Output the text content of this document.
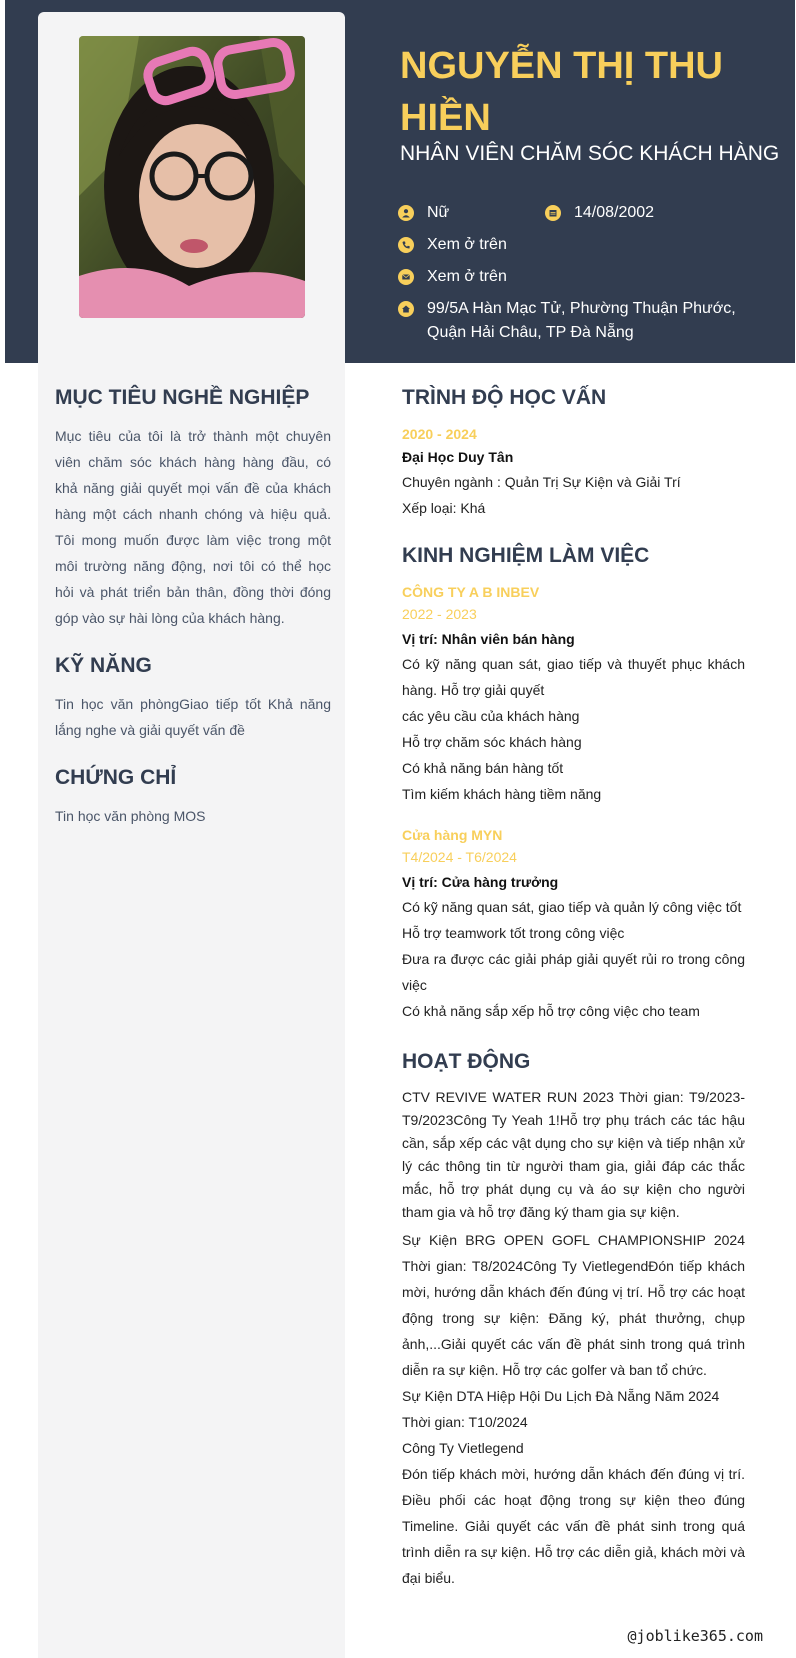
NGUYỄN THỊ THU HIỀN
NHÂN VIÊN CHĂM SÓC KHÁCH HÀNG
Nữ	14/08/2002
Xem ở trên
Xem ở trên
99/5A Hàn Mạc Tử, Phường Thuận Phước, Quận Hải Châu, TP Đà Nẵng
MỤC TIÊU NGHỀ NGHIỆP
Mục tiêu của tôi là trở thành một chuyên viên chăm sóc khách hàng hàng đầu, có khả năng giải quyết mọi vấn đề của khách hàng một cách nhanh chóng và hiệu quả. Tôi mong muốn được làm việc trong một môi trường năng động, nơi tôi có thể học hỏi và phát triển bản thân, đồng thời đóng góp vào sự hài lòng của khách hàng.
KỸ NĂNG
Tin học văn phòngGiao tiếp tốt Khả năng lắng nghe và giải quyết vấn đề
CHỨNG CHỈ
Tin học văn phòng MOS
TRÌNH ĐỘ HỌC VẤN
2020 - 2024
Đại Học Duy Tân
Chuyên ngành : Quản Trị Sự Kiện và Giải Trí
Xếp loại: Khá
KINH NGHIỆM LÀM VIỆC
CÔNG TY A B INBEV
2022 - 2023
Vị trí: Nhân viên bán hàng
Có kỹ năng quan sát, giao tiếp và thuyết phục khách hàng. Hỗ trợ giải quyết
các yêu cầu của khách hàng
Hỗ trợ chăm sóc khách hàng
Có khả năng bán hàng tốt
Tìm kiếm khách hàng tiềm năng
Cửa hàng MYN
T4/2024 - T6/2024
Vị trí: Cửa hàng trưởng
Có kỹ năng quan sát, giao tiếp và quản lý công việc tốt
Hỗ trợ teamwork tốt trong công việc
Đưa ra được các giải pháp giải quyết rủi ro trong công việc
Có khả năng sắp xếp hỗ trợ công việc cho team
HOẠT ĐỘNG
CTV REVIVE WATER RUN 2023 Thời gian: T9/2023-T9/2023Công Ty Yeah 1!Hỗ trợ phụ trách các tác hậu cần, sắp xếp các vật dụng cho sự kiện và tiếp nhận xử lý các thông tin từ người tham gia, giải đáp các thắc mắc, hỗ trợ phát dụng cụ và áo sự kiện cho người tham gia và hỗ trợ đăng ký tham gia sự kiện.
Sự Kiện BRG OPEN GOFL CHAMPIONSHIP 2024 Thời gian: T8/2024Công Ty VietlegendĐón tiếp khách mời, hướng dẫn khách đến đúng vị trí. Hỗ trợ các hoạt động trong sự kiện: Đăng ký, phát thưởng, chụp ảnh,...Giải quyết các vấn đề phát sinh trong quá trình diễn ra sự kiện. Hỗ trợ các golfer và ban tổ chức.
Sự Kiện DTA Hiệp Hội Du Lịch Đà Nẵng Năm 2024
Thời gian: T10/2024
Công Ty Vietlegend
Đón tiếp khách mời, hướng dẫn khách đến đúng vị trí. Điều phối các hoạt động trong sự kiện theo đúng Timeline. Giải quyết các vấn đề phát sinh trong quá trình diễn ra sự kiện. Hỗ trợ các diễn giả, khách mời và đại biểu.
@joblike365.com
